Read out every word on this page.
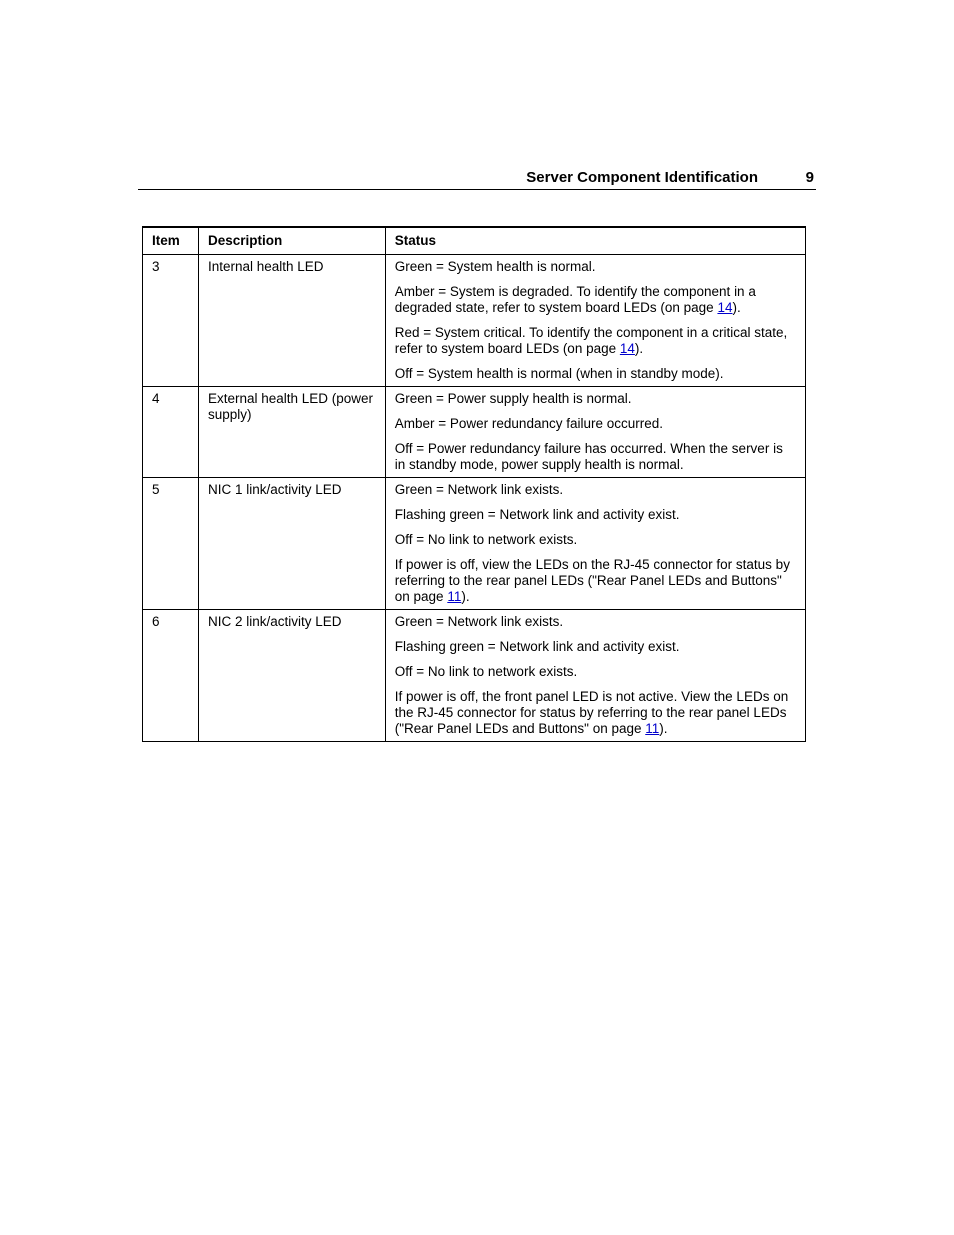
Server Component Identification	9
Item	Description	Status
3	Internal health LED	Green = System health is normal.

Amber = System is degraded. To identify the component in a degraded state, refer to system board LEDs (on page 14).

Red = System critical. To identify the component in a critical state, refer to system board LEDs (on page 14).

Off = System health is normal (when in standby mode).

4	External health LED (power supply)	Green = Power supply health is normal.

Amber = Power redundancy failure occurred.

Off = Power redundancy failure has occurred. When the server is in standby mode, power supply health is normal.

5	NIC 1 link/activity LED	Green = Network link exists.

Flashing green = Network link and activity exist.

Off = No link to network exists.

If power is off, view the LEDs on the RJ-45 connector for status by referring to the rear panel LEDs ("Rear Panel LEDs and Buttons" on page 11).

6	NIC 2 link/activity LED	Green = Network link exists.

Flashing green = Network link and activity exist.

Off = No link to network exists.

If power is off, the front panel LED is not active. View the LEDs on the RJ-45 connector for status by referring to the rear panel LEDs ("Rear Panel LEDs and Buttons" on page 11).
